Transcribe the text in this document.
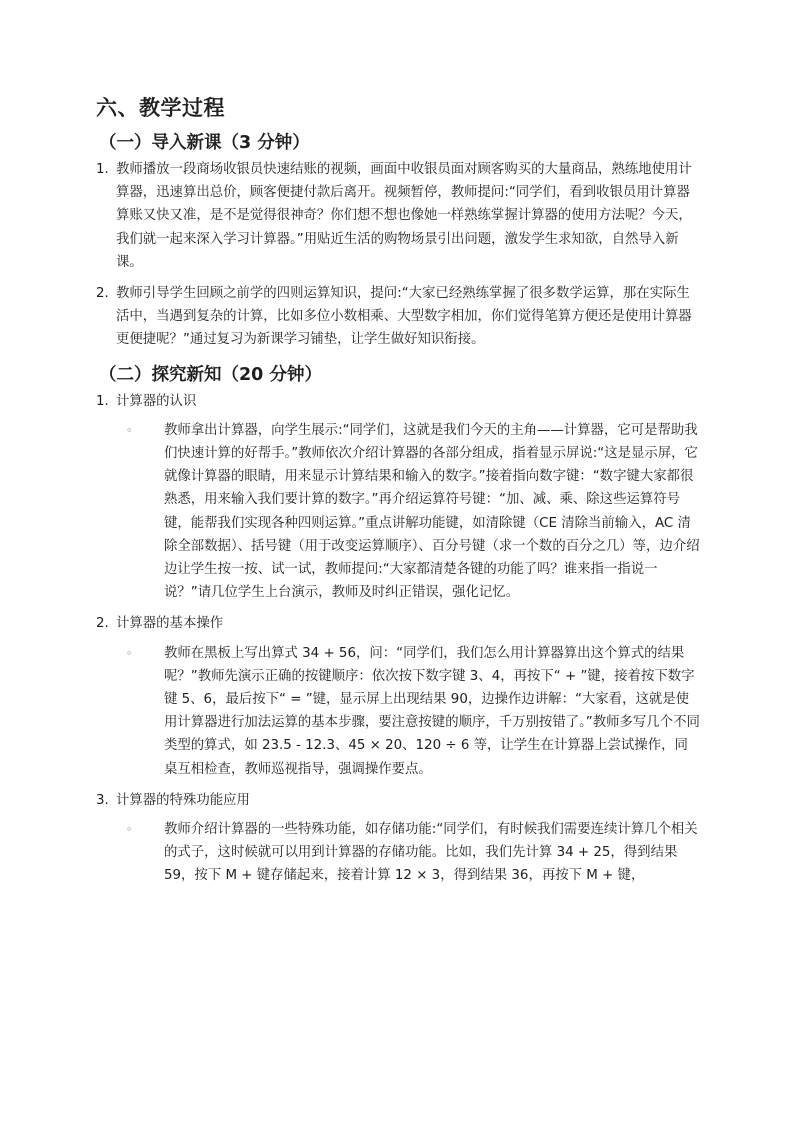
六、教学过程
（一）导入新课（3 分钟）
1. 教师播放一段商场收银员快速结账的视频，画面中收银员面对顾客购买的大量商品，熟练地使用计算器，迅速算出总价，顾客便捷付款后离开。视频暂停，教师提问:“同学们，看到收银员用计算器算账又快又准，是不是觉得很神奇？你们想不想也像她一样熟练掌握计算器的使用方法呢？今天，我们就一起来深入学习计算器。”用贴近生活的购物场景引出问题，激发学生求知欲，自然导入新课。
2. 教师引导学生回顾之前学的四则运算知识，提问:“大家已经熟练掌握了很多数学运算，那在实际生活中，当遇到复杂的计算，比如多位小数相乘、大型数字相加，你们觉得笔算方便还是使用计算器更便捷呢？”通过复习为新课学习铺垫，让学生做好知识衔接。
（二）探究新知（20 分钟）
1. 计算器的认识
◦ 教师拿出计算器，向学生展示:“同学们，这就是我们今天的主角——计算器，它可是帮助我们快速计算的好帮手。”教师依次介绍计算器的各部分组成，指着显示屏说:“这是显示屏，它就像计算器的眼睛，用来显示计算结果和输入的数字。”接着指向数字键：“数字键大家都很熟悉，用来输入我们要计算的数字。”再介绍运算符号键：“加、减、乘、除这些运算符号键，能帮我们实现各种四则运算。”重点讲解功能键，如清除键（CE 清除当前输入，AC 清除全部数据）、括号键（用于改变运算顺序）、百分号键（求一个数的百分之几）等，边介绍边让学生按一按、试一试，教师提问:“大家都清楚各键的功能了吗？谁来指一指说一说？”请几位学生上台演示，教师及时纠正错误，强化记忆。
2. 计算器的基本操作
◦ 教师在黑板上写出算式 34 + 56，问：“同学们，我们怎么用计算器算出这个算式的结果呢？”教师先演示正确的按键顺序：依次按下数字键 3、4，再按下“ + ”键，接着按下数字键 5、6，最后按下“ = ”键，显示屏上出现结果 90，边操作边讲解：“大家看，这就是使用计算器进行加法运算的基本步骤，要注意按键的顺序，千万别按错了。”教师多写几个不同类型的算式，如 23.5 - 12.3、45 × 20、120 ÷ 6 等，让学生在计算器上尝试操作，同桌互相检查，教师巡视指导，强调操作要点。
3. 计算器的特殊功能应用
◦ 教师介绍计算器的一些特殊功能，如存储功能:“同学们，有时候我们需要连续计算几个相关的式子，这时候就可以用到计算器的存储功能。比如，我们先计算 34 + 25，得到结果 59，按下 M + 键存储起来，接着计算 12 × 3，得到结果 36，再按下 M + 键，
